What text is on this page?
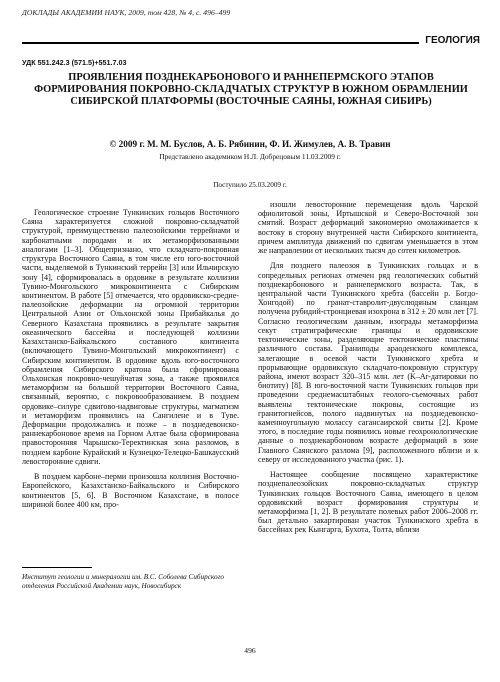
ДОКЛАДЫ АКАДЕМИИ НАУК, 2009, том 428, № 4, с. 496–499
ГЕОЛОГИЯ
УДК 551.242.3 (571.5)+551.7.03
ПРОЯВЛЕНИЯ ПОЗДНЕКАРБОНОВОГО И РАННЕПЕРМСКОГО ЭТАПОВ ФОРМИРОВАНИЯ ПОКРОВНО-СКЛАДЧАТЫХ СТРУКТУР В ЮЖНОМ ОБРАМЛЕНИИ СИБИРСКОЙ ПЛАТФОРМЫ (ВОСТОЧНЫЕ САЯНЫ, ЮЖНАЯ СИБИРЬ)
© 2009 г. М. М. Буслов, А. Б. Рябинин, Ф. И. Жимулев, А. В. Травин
Представлено академиком Н.Л. Добрецовым 11.03.2009 г.
Поступило 25.03.2009 г.

Геологическое строение Тункинских гольцов Восточного Саяна характеризуется сложной покровно-складчатой структурой, преимущественно палеозойскими террейнами и карбонатными породами и их метаморфизованными аналогами [1–3]. Общепризнано, что складчато-покровная структура Восточного Саяна, в том числе его юго-восточной части, выделяемой в Тункинский террейн [3] или Ильчирскую зону [4], сформировалась в ордовике в результате коллизии Тувино-Монгольского микроконтинента с Сибирским континентом. В работе [5] отмечается, что ордовикско-средне-палеозойские деформации на огромной территории Центральной Азии от Ольхонской зоны Прибайкалья до Северного Казахстана проявились в результате закрытия океанического бассейна и последующей коллизии Казахстанско-Байкальского составного континента (включающего Тувино-Монгольский микроконтинент) с Сибирским континентом. В ордовике вдоль юго-восточного обрамления Сибирского кратона была сформирована Ольхонская покровно-чешуйчатая зона, а также проявился метаморфизм на большой территории Восточного Саяна, связанный, вероятно, с покровообразованием. В позднем ордовике–силуре сдвигово-надвиговые структуры, магматизм и метаморфизм проявились на Сангилене и в Туве. Деформации продолжались и позже – в позднедевонско-раннекарбоновое время на Горном Алтае была сформирована правосторонняя Чарышско-Теректинская зона разломов, в позднем карбоне Курайский и Кузнецко-Телецко-Башкаусский левосторонние сдвиги.

В позднем карбоне–перми произошла коллизия Восточно-Европейского, Казахстанско-Байкальского и Сибирского континентов [5, 6]. В Восточном Казахстане, в полосе шириной более 400 км, про-

изошли левосторонние перемещения вдоль Чарской офиолитовой зоны, Иртышской и Северо-Восточной зон смятий. Возраст деформаций закономерно омолаживается к востоку в сторону внутренней части Сибирского континента, причем амплитуда движений по сдвигам уменьшается в этом же направлении от нескольких тысяч до сотен километров.

Для позднего палеозоя в Тункинских гольцах и в сопредельных регионах отмечен ряд геологических событий позднекарбонового и раннепермского возраста. Так, в центральной части Тункинского хребта (бассейн р. Богдо-Хонгодой) по гранат-ставролит-двуслюдяным сланцам получена рубидий-стронциевая изохрона в 312 ± 20 млн лет [7]. Согласно геологическим данным, изограды метаморфизма секут стратиграфические границы и ордовикские тектонические зоны, разделяющие тектонические пластины различного состава. Граниподы араоденского комплекса, залегающие в осевой части Тункинского хребта и прорывающие ордовикскую складчато-покровную структуру района, имеют возраст 320–315 млн. лет (K–Ar-датировки по биотиту) [8]. В юго-восточной части Тункинских гольцов при проведении среднемасштабных геолого-съемочных работ выявлены тектонические покровы, состоящие из гранитогнейсов, полого надвинутых на позднедевонско-каменноугольную молассу сагансаирской свиты [2]. Кроме этого, в последние годы появились новые геохронологические данные о позднекарбоновом возрасте деформаций в зоне Главного Саянского разлома [9], расположенного вблизи и к северу от исследованного участка (рис. 1).

Настоящее сообщение посвящено характеристике позднепалеозойских покровно-складчатых структур Тункинских гольцов Восточного Саяна, имеющего в целом ордовикский возраст формирования структуры и метаморфизма [1, 2]. В результате полевых работ 2006–2008 гг. был детально закартирован участок Тункинского хребта в бассейнах рек Кынгарга, Бухота, Толта, вблизи

Институт геологии и минералогии им. В.С. Соболева Сибирского отделения Российской Академии наук, Новосибирск
496
